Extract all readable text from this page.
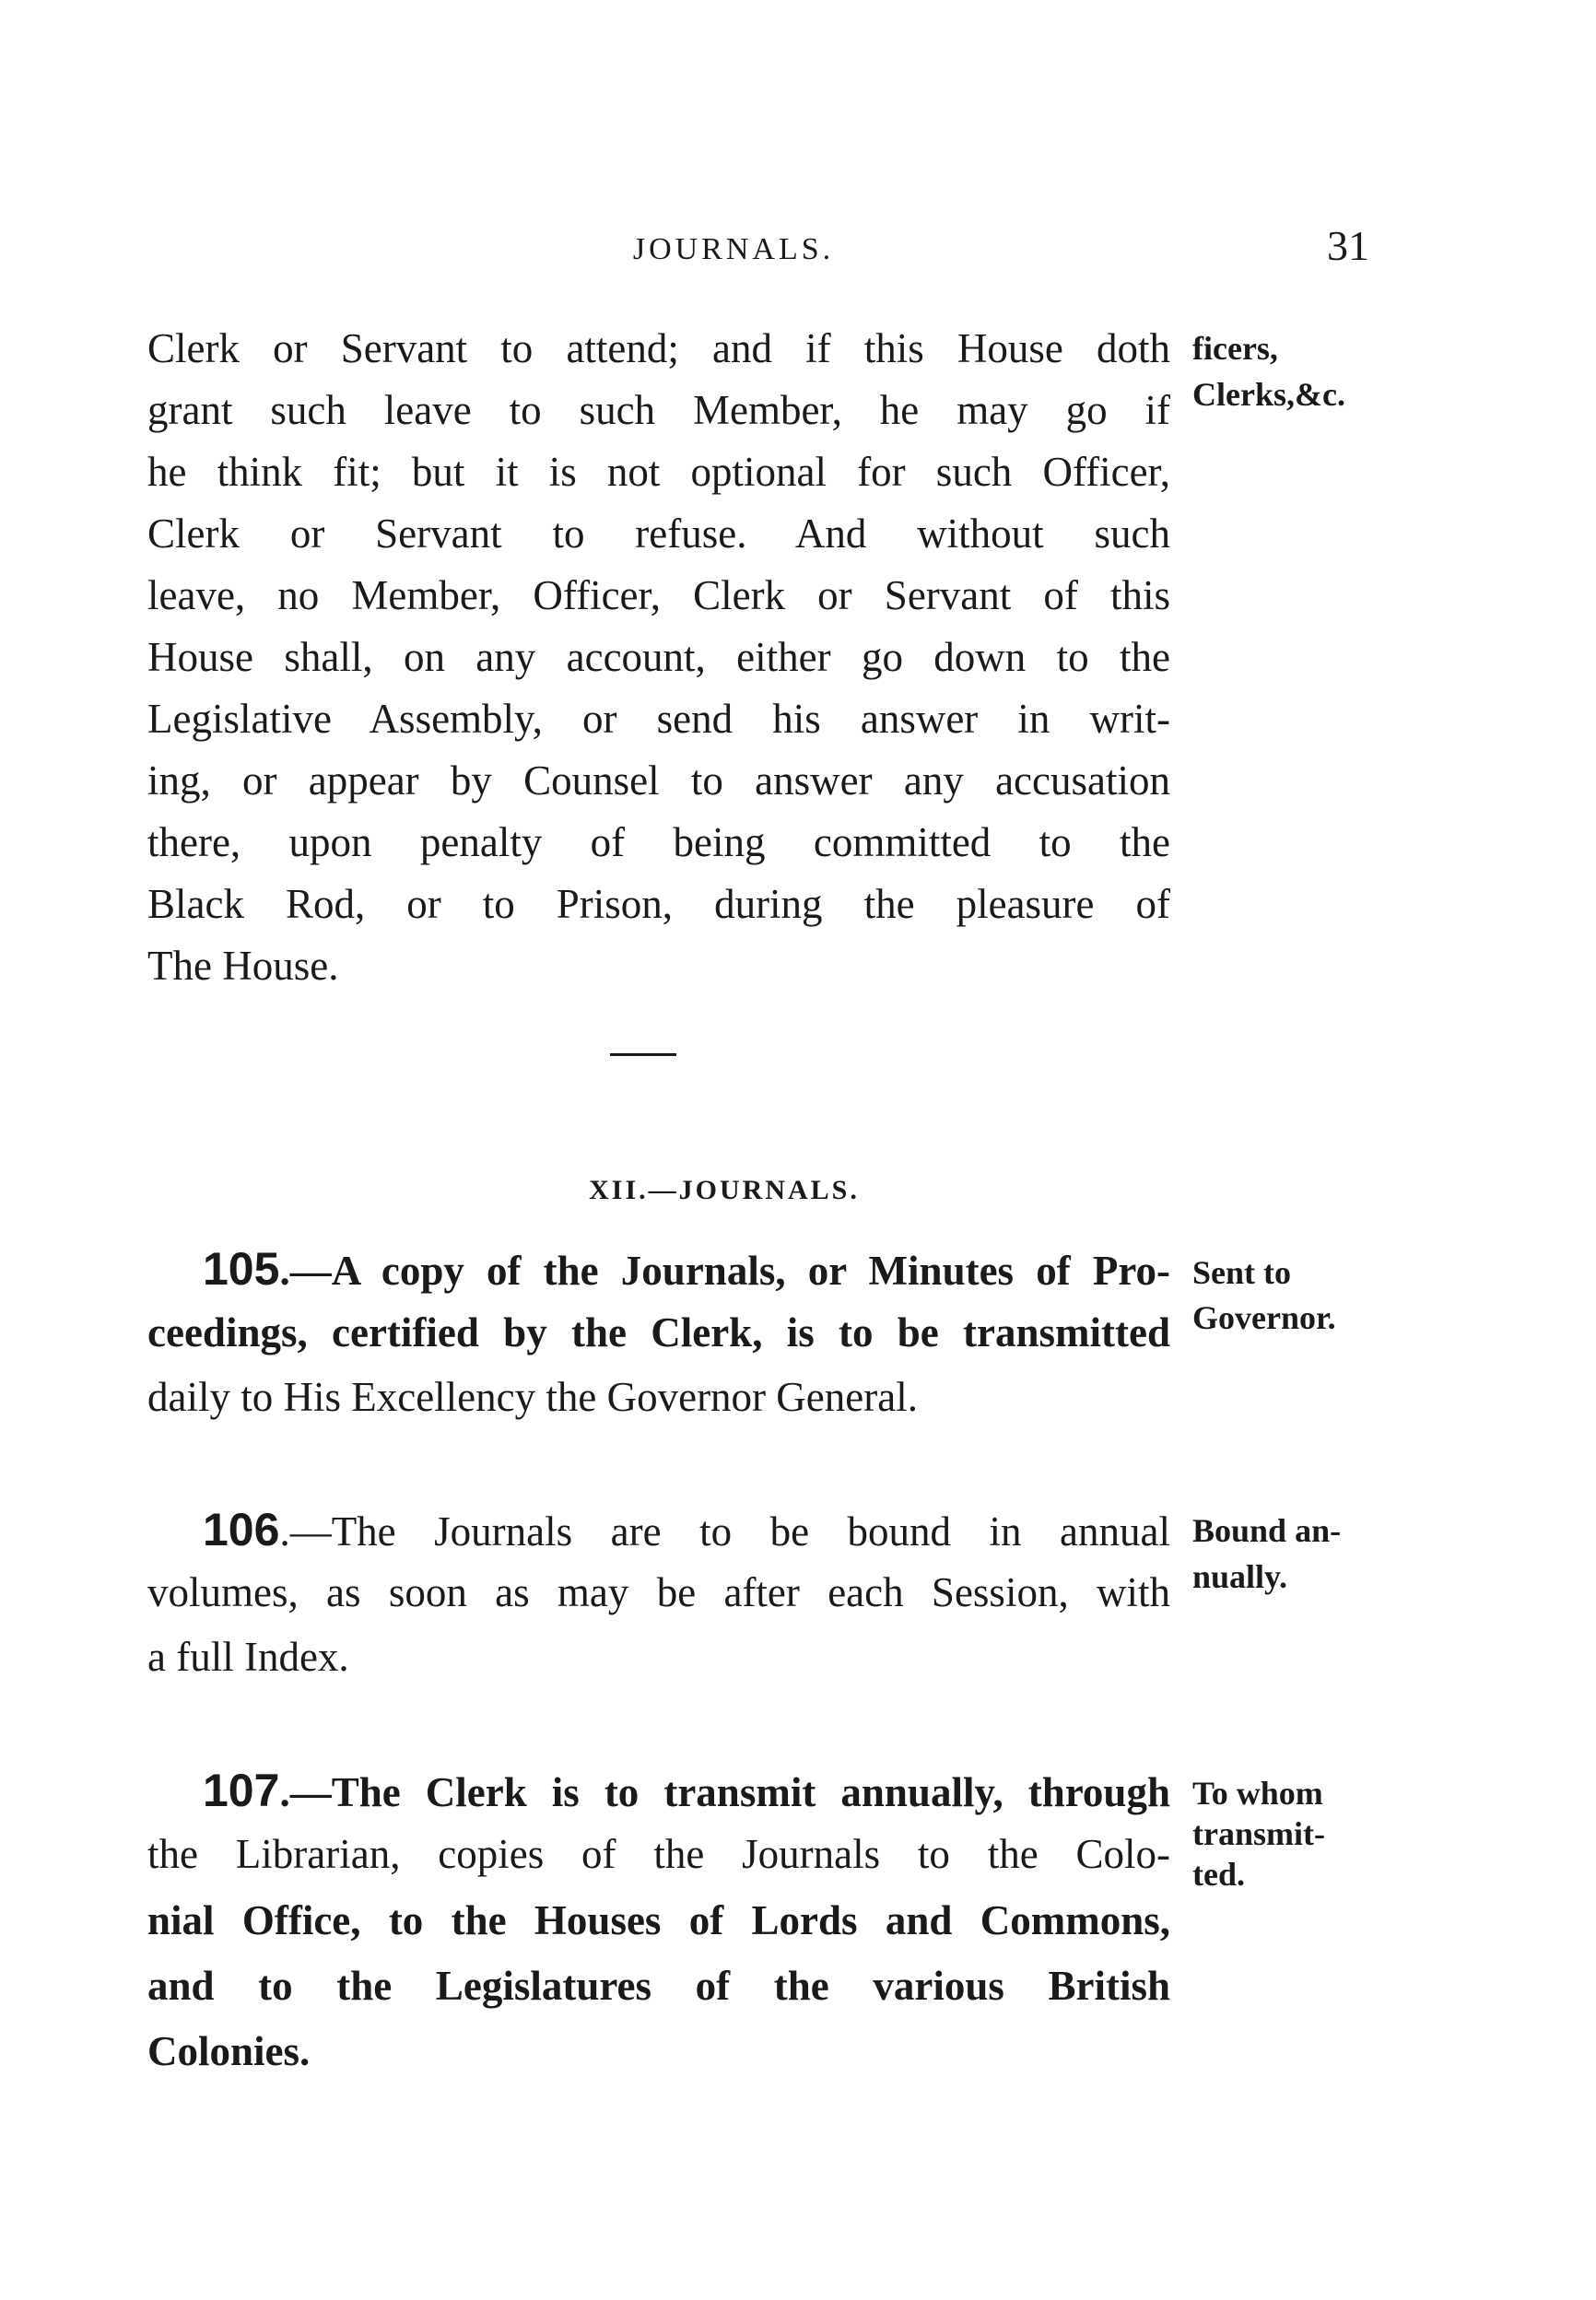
JOURNALS.	31
Clerk or Servant to attend; and if this House doth
grant such leave to such Member, he may go if
he think fit; but it is not optional for such Officer,
Clerk or Servant to refuse. And without such
leave, no Member, Officer, Clerk or Servant of this
House shall, on any account, either go down to the
Legislative Assembly, or send his answer in writ-
ing, or appear by Counsel to answer any accusation
there, upon penalty of being committed to the
Black Rod, or to Prison, during the pleasure of
The House.
ficers,
Clerks,&c.
XII.—JOURNALS.
105.—A copy of the Journals, or Minutes of Pro-
ceedings, certified by the Clerk, is to be transmitted
daily to His Excellency the Governor General.
Sent to
Governor.
106.—The Journals are to be bound in annual
volumes, as soon as may be after each Session, with
a full Index.
Bound an-
nually.
107.—The Clerk is to transmit annually, through
the Librarian, copies of the Journals to the Colo-
nial Office, to the Houses of Lords and Commons,
and to the Legislatures of the various British
Colonies.
To whom
transmit-
ted.
